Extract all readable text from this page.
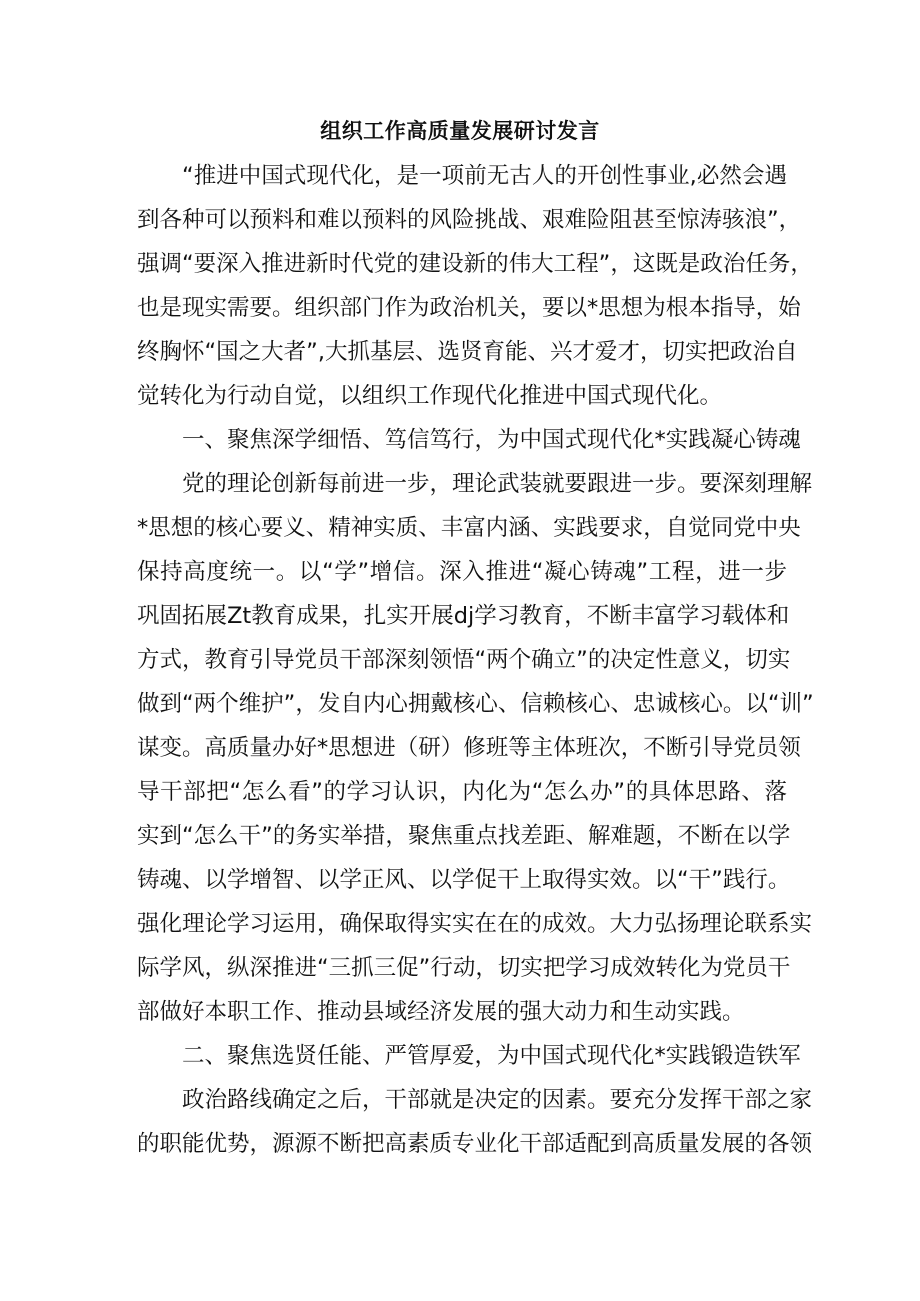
组织工作高质量发展研讨发言
“推进中国式现代化，是一项前无古人的开创性事业,必然会遇
到各种可以预料和难以预料的风险挑战、艰难险阻甚至惊涛骇浪”，
强调“要深入推进新时代党的建设新的伟大工程”，这既是政治任务，
也是现实需要。组织部门作为政治机关，要以*思想为根本指导，始
终胸怀“国之大者”,大抓基层、选贤育能、兴才爱才，切实把政治自
觉转化为行动自觉，以组织工作现代化推进中国式现代化。
一、聚焦深学细悟、笃信笃行，为中国式现代化*实践凝心铸魂
党的理论创新每前进一步，理论武装就要跟进一步。要深刻理解
*思想的核心要义、精神实质、丰富内涵、实践要求，自觉同党中央
保持高度统一。以“学”增信。深入推进“凝心铸魂”工程，进一步
巩固拓展Zt教育成果，扎实开展dj学习教育，不断丰富学习载体和
方式，教育引导党员干部深刻领悟“两个确立”的决定性意义，切实
做到“两个维护”，发自内心拥戴核心、信赖核心、忠诚核心。以“训”
谋变。高质量办好*思想进（研）修班等主体班次，不断引导党员领
导干部把“怎么看”的学习认识，内化为“怎么办”的具体思路、落
实到“怎么干”的务实举措，聚焦重点找差距、解难题，不断在以学
铸魂、以学增智、以学正风、以学促干上取得实效。以“干”践行。
强化理论学习运用，确保取得实实在在的成效。大力弘扬理论联系实
际学风，纵深推进“三抓三促”行动，切实把学习成效转化为党员干
部做好本职工作、推动县域经济发展的强大动力和生动实践。
二、聚焦选贤任能、严管厚爱，为中国式现代化*实践锻造铁军
政治路线确定之后，干部就是决定的因素。要充分发挥干部之家
的职能优势，源源不断把高素质专业化干部适配到高质量发展的各领
